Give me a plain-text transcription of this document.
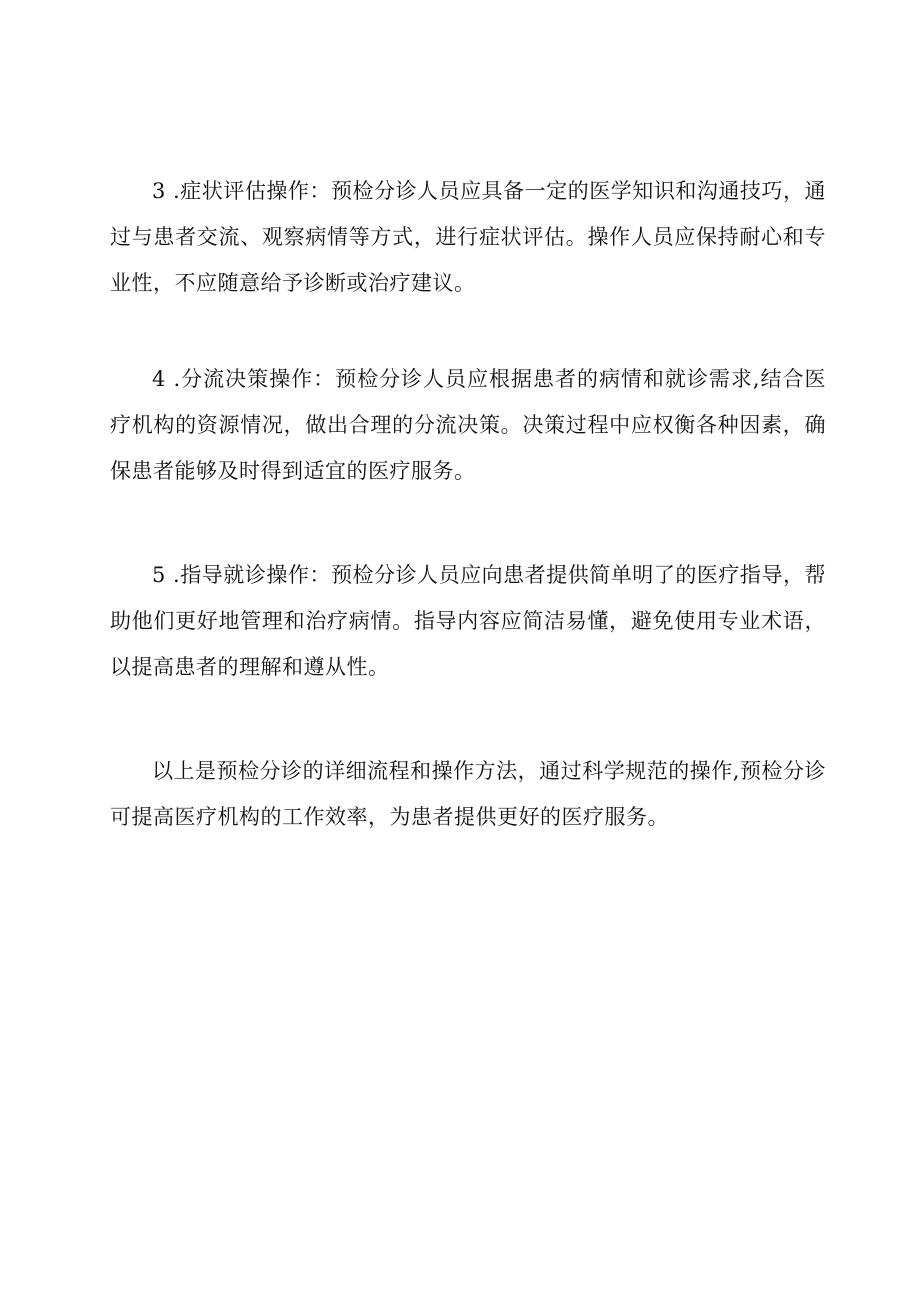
3 .症状评估操作：预检分诊人员应具备一定的医学知识和沟通技巧，通过与患者交流、观察病情等方式，进行症状评估。操作人员应保持耐心和专业性，不应随意给予诊断或治疗建议。

4 .分流决策操作：预检分诊人员应根据患者的病情和就诊需求,结合医疗机构的资源情况，做出合理的分流决策。决策过程中应权衡各种因素，确保患者能够及时得到适宜的医疗服务。

5 .指导就诊操作：预检分诊人员应向患者提供简单明了的医疗指导，帮助他们更好地管理和治疗病情。指导内容应简洁易懂，避免使用专业术语，以提高患者的理解和遵从性。

以上是预检分诊的详细流程和操作方法，通过科学规范的操作,预检分诊可提高医疗机构的工作效率，为患者提供更好的医疗服务。
